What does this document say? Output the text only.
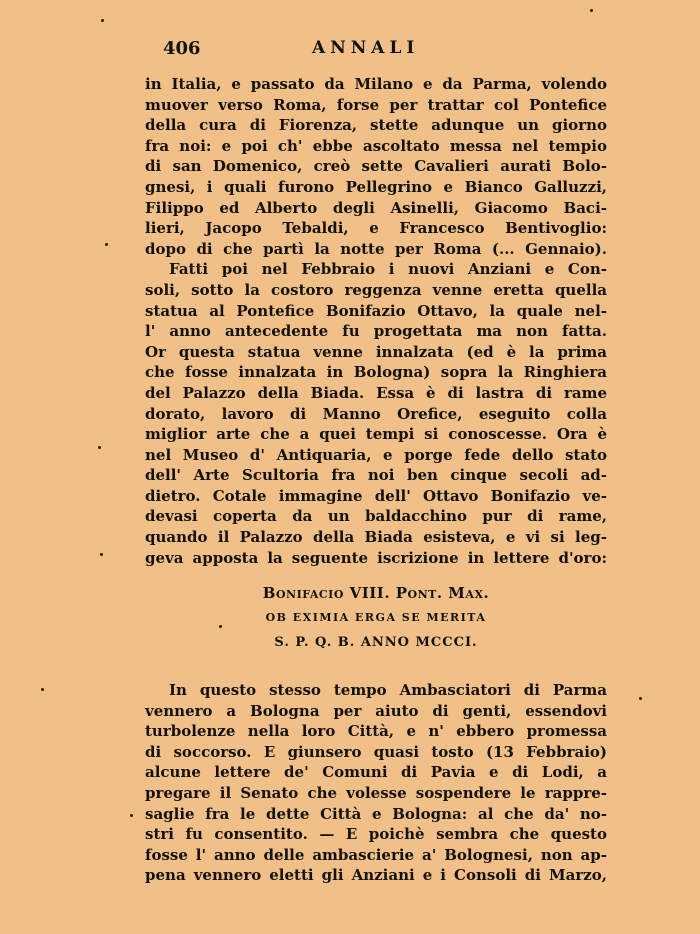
406	ANNALI
in Italia, e passato da Milano e da Parma, volendo
muover verso Roma, forse per trattar col Pontefice
della cura di Fiorenza, stette adunque un giorno
fra noi: e poi ch' ebbe ascoltato messa nel tempio
di san Domenico, creò sette Cavalieri aurati Bolo-
gnesi, i quali furono Pellegrino e Bianco Galluzzi,
Filippo ed Alberto degli Asinelli, Giacomo Baci-
lieri, Jacopo Tebaldi, e Francesco Bentivoglio:
dopo di che partì la notte per Roma (... Gennaio).
Fatti poi nel Febbraio i nuovi Anziani e Con-
soli, sotto la costoro reggenza venne eretta quella
statua al Pontefice Bonifazio Ottavo, la quale nel-
l' anno antecedente fu progettata ma non fatta.
Or questa statua venne innalzata (ed è la prima
che fosse innalzata in Bologna) sopra la Ringhiera
del Palazzo della Biada. Essa è di lastra di rame
dorato, lavoro di Manno Orefice, eseguito colla
miglior arte che a quei tempi si conoscesse. Ora è
nel Museo d' Antiquaria, e porge fede dello stato
dell' Arte Scultoria fra noi ben cinque secoli ad-
dietro. Cotale immagine dell' Ottavo Bonifazio ve-
devasi coperta da un baldacchino pur di rame,
quando il Palazzo della Biada esisteva, e vi si leg-
geva apposta la seguente iscrizione in lettere d'oro:
Bonifacio VIII. Pont. Max.
OB EXIMIA ERGA SE MERITA
S. P. Q. B. ANNO MCCCI.
In questo stesso tempo Ambasciatori di Parma
vennero a Bologna per aiuto di genti, essendovi
turbolenze nella loro Città, e n' ebbero promessa
di soccorso. E giunsero quasi tosto (13 Febbraio)
alcune lettere de' Comuni di Pavia e di Lodi, a
pregare il Senato che volesse sospendere le rappre-
saglie fra le dette Città e Bologna: al che da' no-
stri fu consentito. — E poichè sembra che questo
fosse l' anno delle ambascierie a' Bolognesi, non ap-
pena vennero eletti gli Anziani e i Consoli di Marzo,
